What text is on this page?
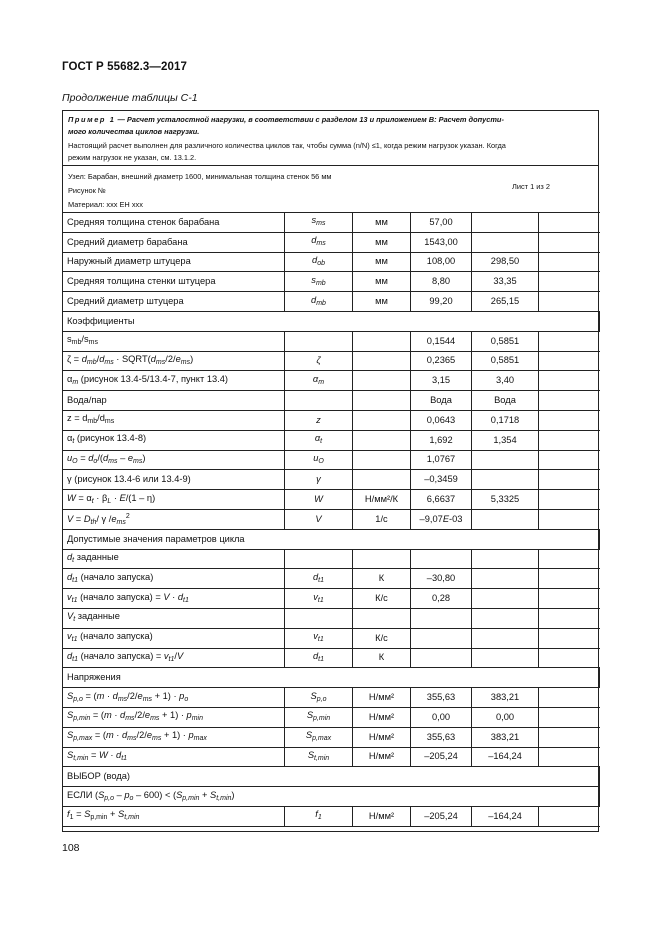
ГОСТ Р 55682.3—2017
Продолжение таблицы С-1
Пример 1 — Расчет усталостной нагрузки, в соответствии с разделом 13 и приложением В: Расчет допусти-
мого количества циклов нагрузки.
Настоящий расчет выполнен для различного количества циклов так, чтобы сумма (n/N) ≤1, когда режим нагрузок указан. Когда
режим нагрузок не указан, см. 13.1.2.
Узел: Барабан, внешний диаметр 1600, минимальная толщина стенок 56 мм
Рисунок №
Материал: xxx EH xxx
Лист 1 из 2
Средняя толщина стенок барабана	$s_{ms}$	мм	57,00		
Средний диаметр барабана	$d_{ms}$	мм	1543,00		
Наружный диаметр штуцера	$d_{ob}$	мм	108,00	298,50	
Средняя толщина стенки штуцера	$s_{mb}$	мм	8,80	33,35	
Средний диаметр штуцера	$d_{mb}$	мм	99,20	265,15	
Коэффициенты					
$s_{mb}/s_{ms}$			0,1544	0,5851	
$\zeta = d_{mb}/d_{ms}$ · $SQRT(d_{ms}/2/e_{ms})$	ζ		0,2365	0,5851	
$\alpha_m$ (рисунок 13.4-5/13.4-7, пункт 13.4)	$\alpha_m$		3,15	3,40	
Вода/пар			Вода	Вода	
$z = d_{mb}/d_{ms}$	z		0,0643	0,1718	
$\alpha_t$ (рисунок 13.4-8)	$\alpha_t$		1,692	1,354	
$u_O = d_o/(d_{ms} - e_{ms})$	$u_O$		1,0767		
γ (рисунок 13.4-6 или 13.4-9)	γ		–0,3459		
$W = \alpha_t \cdot \beta_L \cdot E/(1 - \eta)$	W	Н/мм²/К	6,6637	5,3325	
$V = D_{th}/$ γ $/e_{ms}^2$	V	1/с	–9,07E-03		
Допустимые значения параметров цикла					
$d_t$ заданные					
$d_{t1}$ (начало запуска)	$d_{t1}$	К	–30,80		
$v_{t1}$ (начало запуска) = $V \cdot d_{t1}$	$v_{t1}$	К/с	0,28		
$V_t$ заданные					
$v_{t1}$ (начало запуска)	$v_{t1}$	К/с			
$d_{t1}$ (начало запуска) = $v_{t1}/V$	$d_{t1}$	К			
Напряжения					
$S_{p,o} = (m \cdot d_{ms}/2/e_{ms} + 1) \cdot p_o$	$S_{p,o}$	Н/мм²	355,63	383,21	
$S_{p,min} = (m \cdot d_{ms}/2/e_{ms} + 1) \cdot p_{min}$	$S_{p,min}$	Н/мм²	0,00	0,00	
$S_{p,max} = (m \cdot d_{ms}/2/e_{ms} + 1) \cdot p_{max}$	$S_{p,max}$	Н/мм²	355,63	383,21	
$S_{t,min} = W \cdot d_{t1}$	$S_{t,min}$	Н/мм²	–205,24	–164,24	
ВЫБОР (вода)					
ЕСЛИ $(S_{p,o} - p_o - 600) < (S_{p,min} + S_{t,min})$					
$f_1 = S_{p,min} + S_{t,min}$	$f_1$	Н/мм²	–205,24	–164,24	
108
